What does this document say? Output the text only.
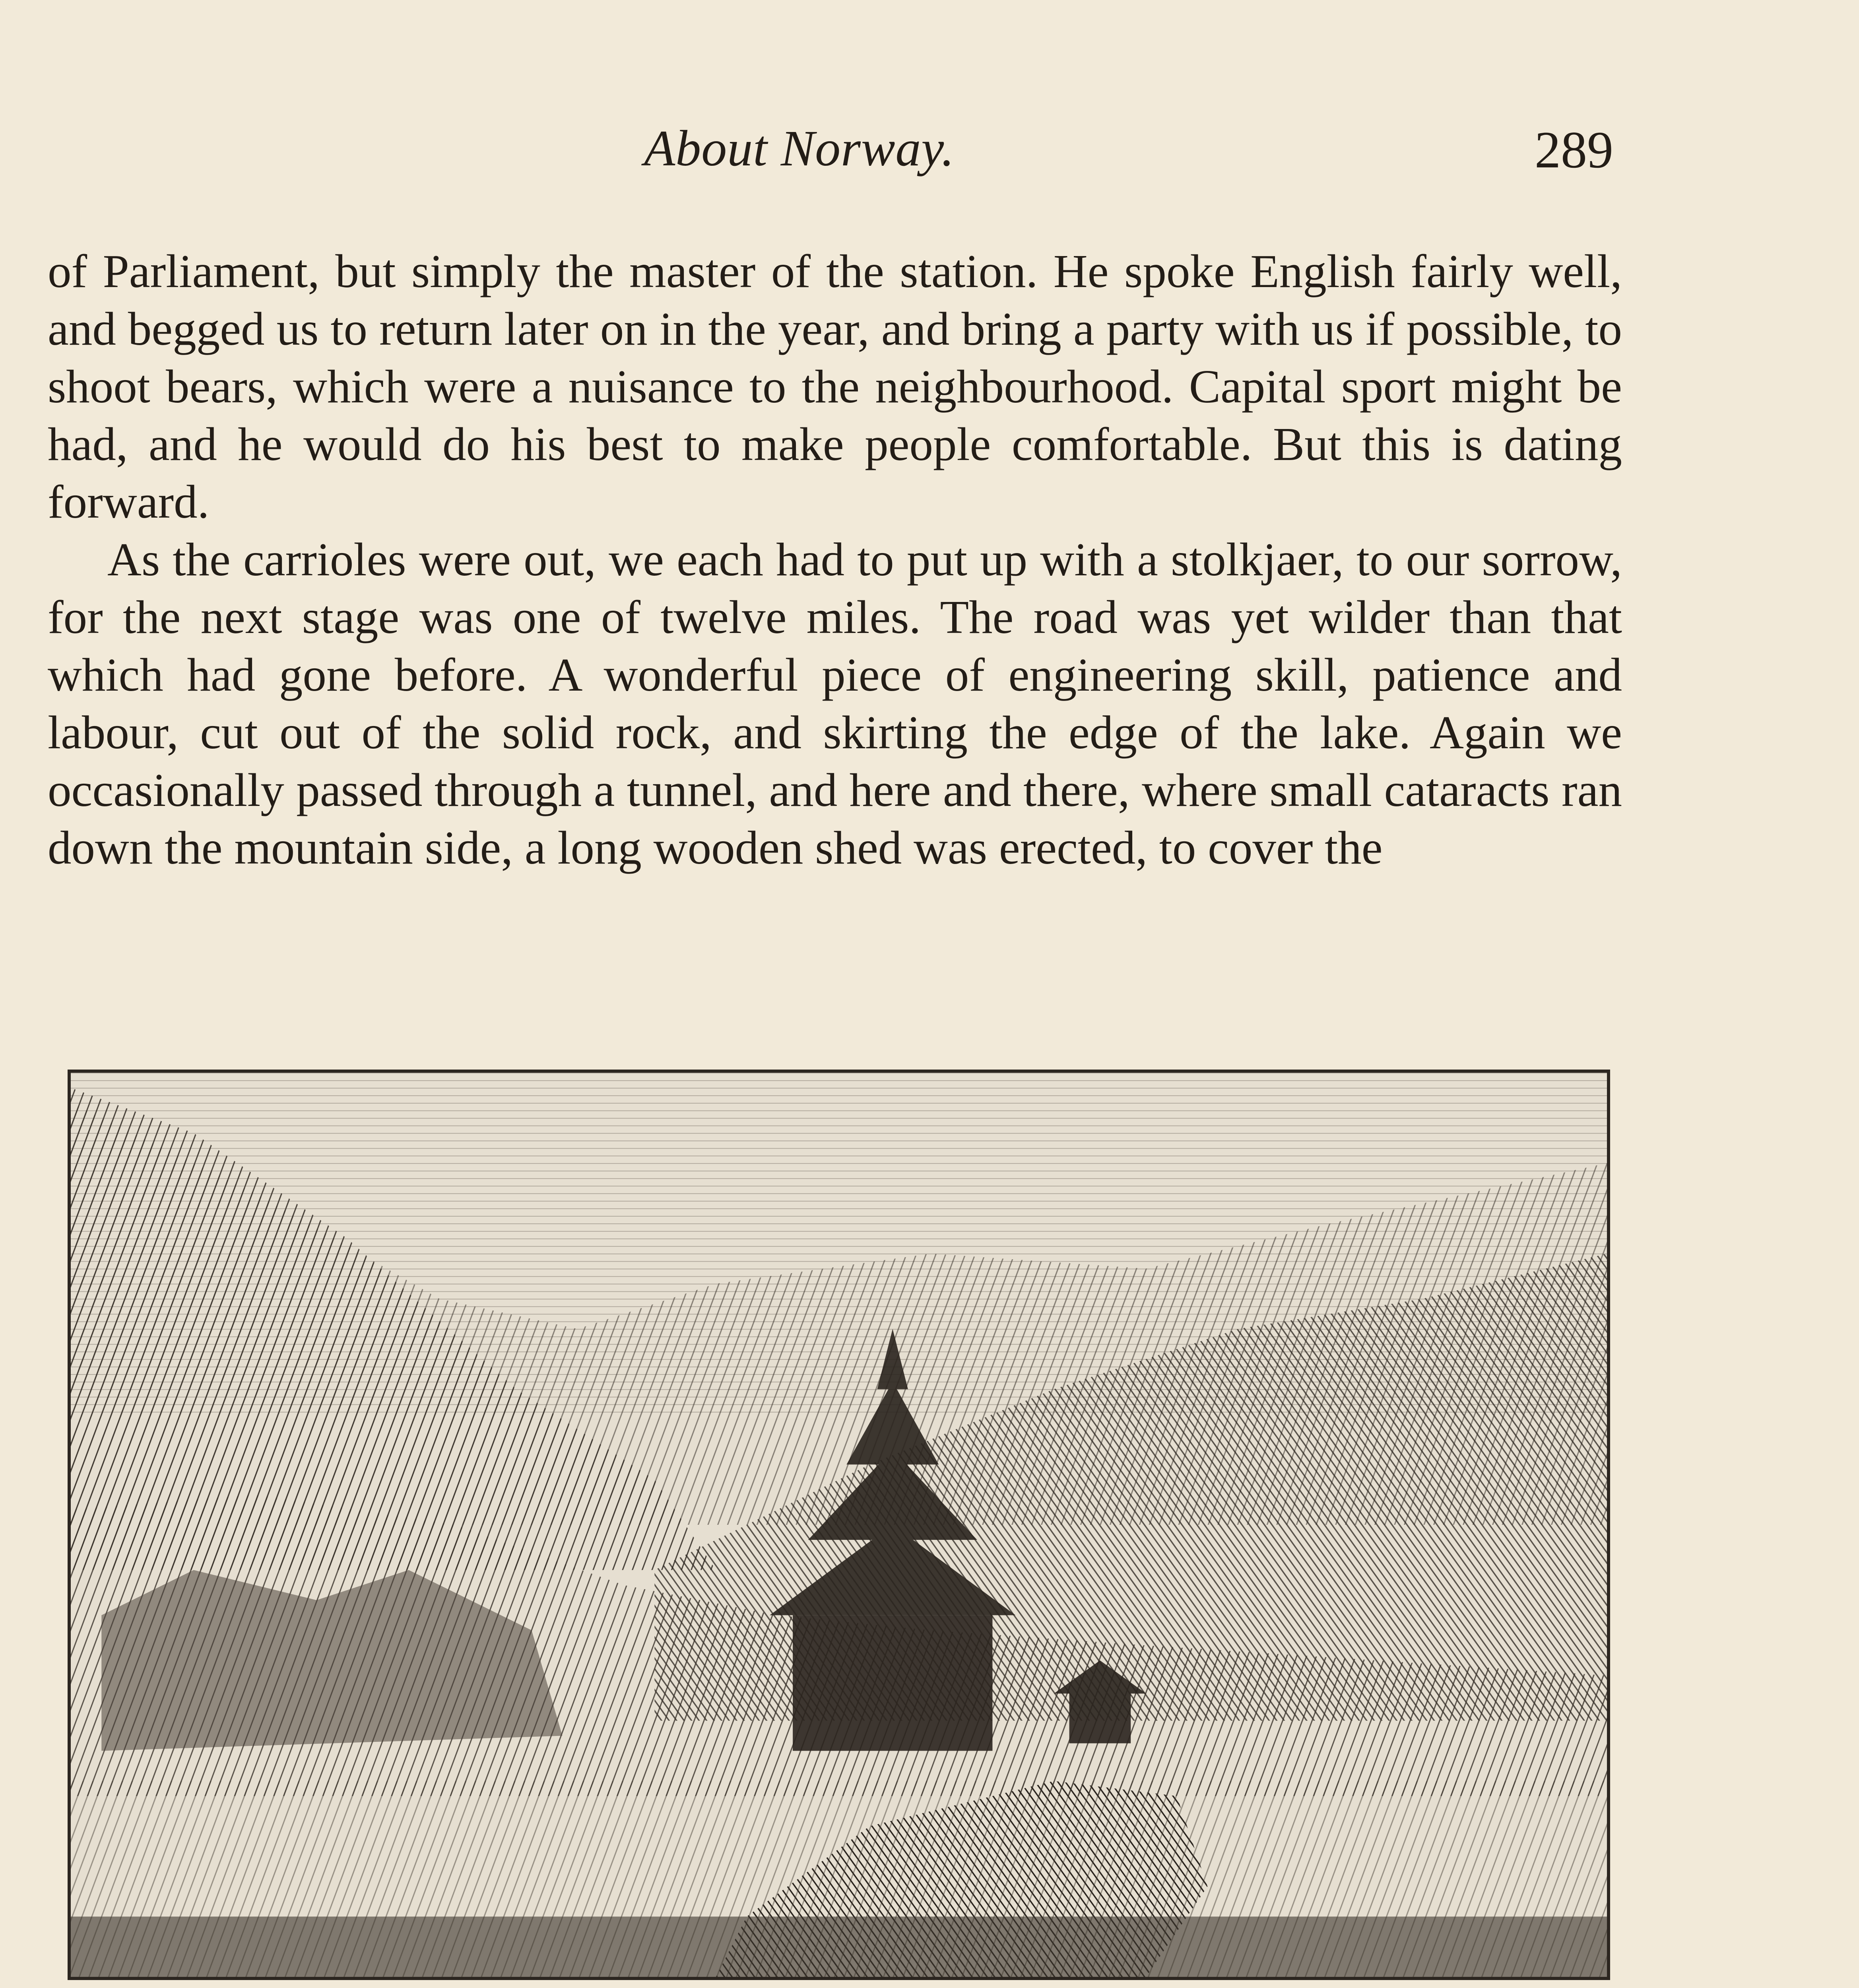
About Norway.	289

of Parliament, but simply the master of the station. He spoke English fairly well, and begged us to return later on in the year, and bring a party with us if possible, to shoot bears, which were a nuisance to the neighbourhood. Capital sport might be had, and he would do his best to make people comfortable. But this is dating forward.

As the carrioles were out, we each had to put up with a stolkjaer, to our sorrow, for the next stage was one of twelve miles. The road was yet wilder than that which had gone before. A wonderful piece of engineering skill, patience and labour, cut out of the solid rock, and skirting the edge of the lake. Again we occasionally passed through a tunnel, and here and there, where small cataracts ran down the mountain side, a long wooden shed was erected, to cover the
